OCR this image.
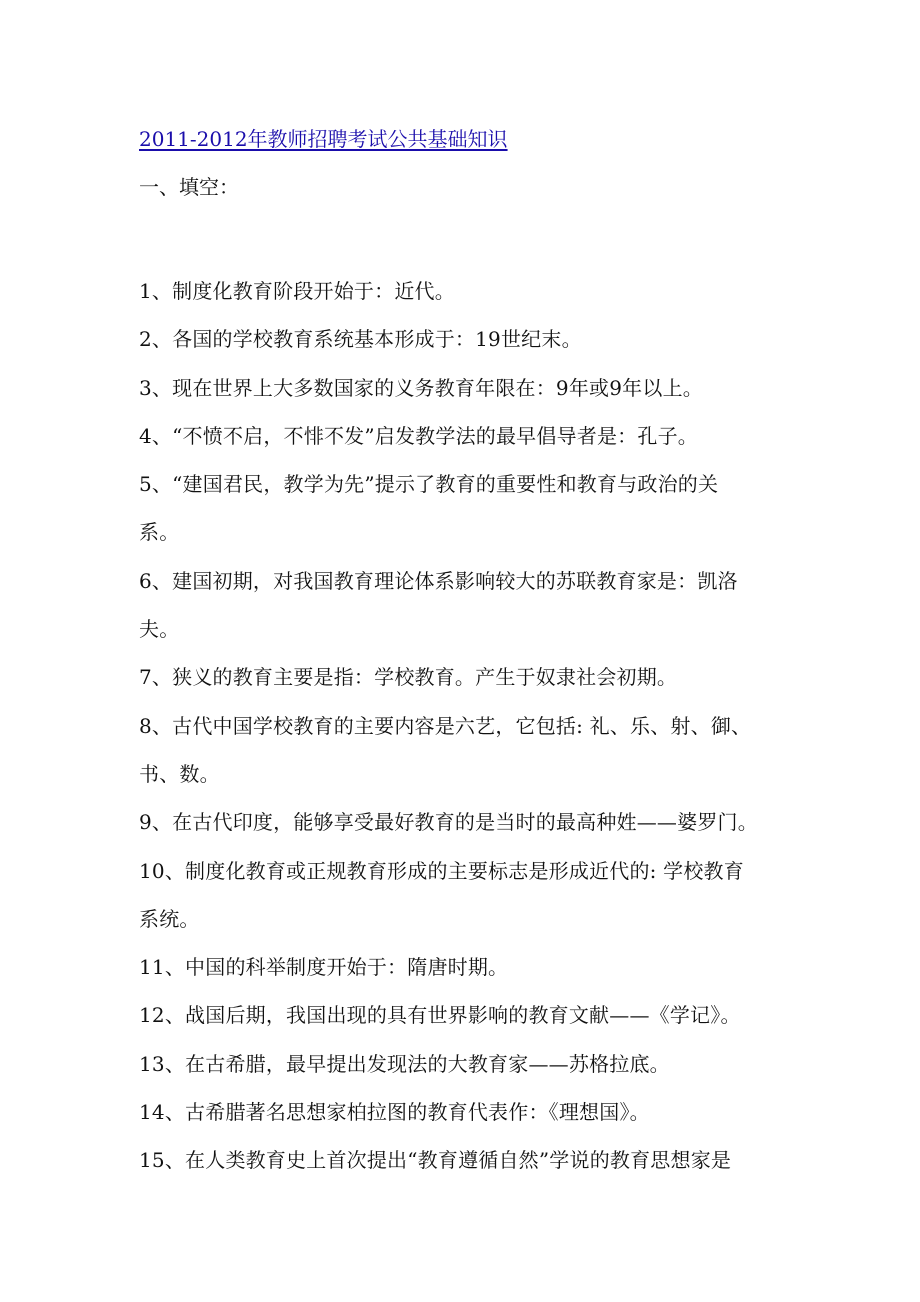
2011-2012年教师招聘考试公共基础知识
一、填空：
1、制度化教育阶段开始于：近代。
2、各国的学校教育系统基本形成于：19世纪末。
3、现在世界上大多数国家的义务教育年限在：9年或9年以上。
4、“不愤不启，不悱不发”启发教学法的最早倡导者是：孔子。
5、“建国君民，教学为先”提示了教育的重要性和教育与政治的关
系。
6、建国初期，对我国教育理论体系影响较大的苏联教育家是：凯洛
夫。
7、狭义的教育主要是指：学校教育。产生于奴隶社会初期。
8、古代中国学校教育的主要内容是六艺，它包括: 礼、乐、射、御、
书、数。
9、在古代印度，能够享受最好教育的是当时的最高种姓——婆罗门。
10、制度化教育或正规教育形成的主要标志是形成近代的: 学校教育
系统。
11、中国的科举制度开始于：隋唐时期。
12、战国后期，我国出现的具有世界影响的教育文献——《学记》。
13、在古希腊，最早提出发现法的大教育家——苏格拉底。
14、古希腊著名思想家柏拉图的教育代表作：《理想国》。
15、在人类教育史上首次提出“教育遵循自然”学说的教育思想家是
